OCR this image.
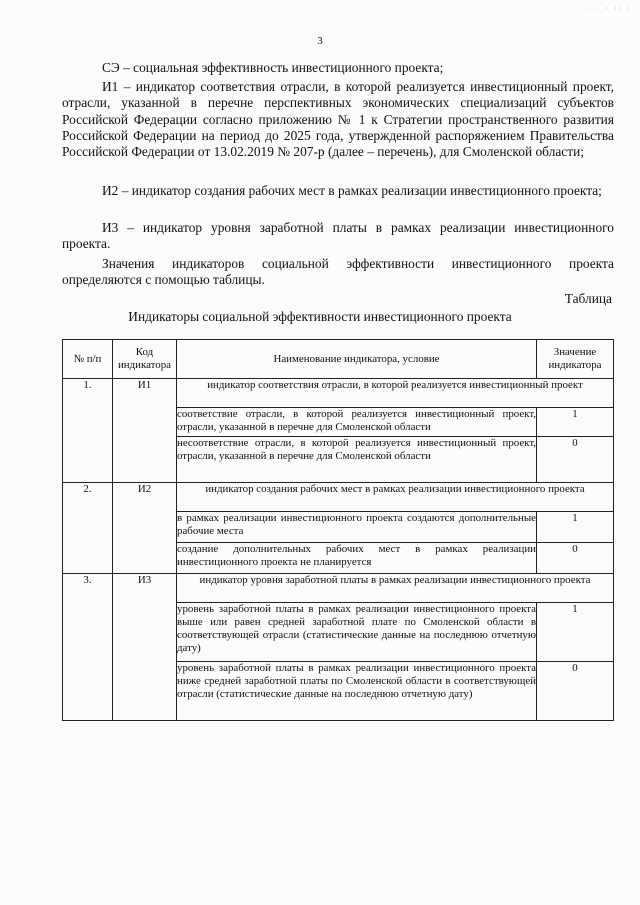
· · · ·· ·
3

СЭ – социальная эффективность инвестиционного проекта;

И1 – индикатор соответствия отрасли, в которой реализуется инвестиционный проект, отрасли, указанной в перечне перспективных экономических специализаций субъектов Российской Федерации согласно приложению № 1 к Стратегии пространственного развития Российской Федерации на период до 2025 года, утвержденной распоряжением Правительства Российской Федерации от 13.02.2019 № 207-р (далее – перечень), для Смоленской области;

И2 – индикатор создания рабочих мест в рамках реализации инвестиционного проекта;

И3 – индикатор уровня заработной платы в рамках реализации инвестиционного проекта.

Значения индикаторов социальной эффективности инвестиционного проекта определяются с помощью таблицы.

Таблица
Индикаторы социальной эффективности инвестиционного проекта
№ п/п	Код индикатора	Наименование индикатора, условие	Значение индикатора
1.	И1	индикатор соответствия отрасли, в которой реализуется инвестиционный проект	
		соответствие отрасли, в которой реализуется инвестиционный проект, отрасли, указанной в перечне для Смоленской области	1
		несоответствие отрасли, в которой реализуется инвестиционный проект, отрасли, указанной в перечне для Смоленской области	0
2.	И2	индикатор создания рабочих мест в рамках реализации инвестиционного проекта	
		в рамках реализации инвестиционного проекта создаются дополнительные рабочие места	1
		создание дополнительных рабочих мест в рамках реализации инвестиционного проекта не планируется	0
3.	И3	индикатор уровня заработной платы в рамках реализации инвестиционного проекта	
		уровень заработной платы в рамках реализации инвестиционного проекта выше или равен средней заработной плате по Смоленской области в соответствующей отрасли (статистические данные на последнюю отчетную дату)	1
		уровень заработной платы в рамках реализации инвестиционного проекта ниже средней заработной платы по Смоленской области в соответствующей отрасли (статистические данные на последнюю отчетную дату)	0
